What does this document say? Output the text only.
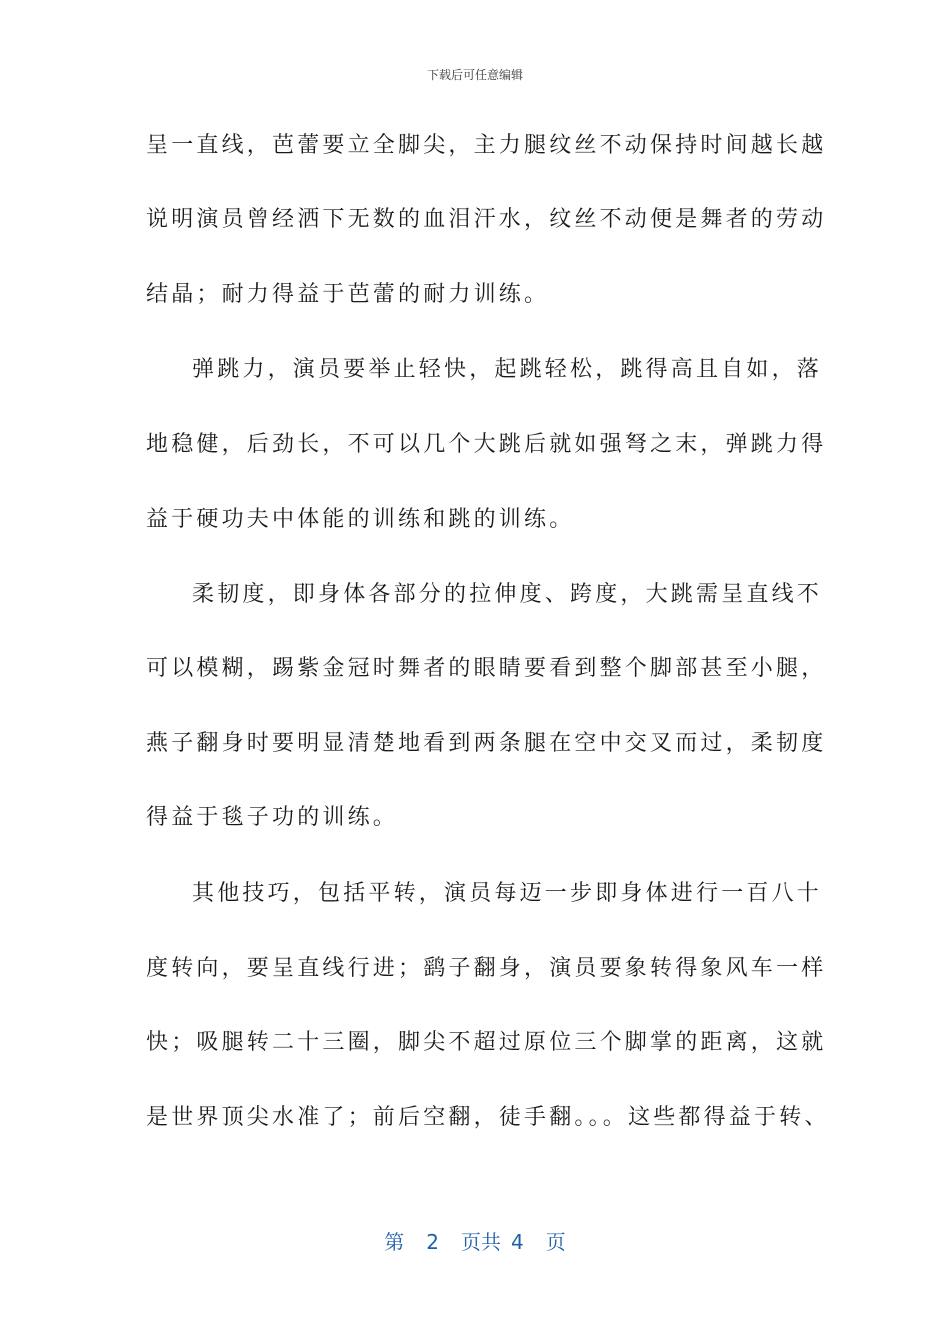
下载后可任意编辑
呈一直线，芭蕾要立全脚尖，主力腿纹丝不动保持时间越长越
说明演员曾经洒下无数的血泪汗水，纹丝不动便是舞者的劳动
结晶；耐力得益于芭蕾的耐力训练。
弹跳力，演员要举止轻快，起跳轻松，跳得高且自如，落
地稳健，后劲长，不可以几个大跳后就如强弩之末，弹跳力得
益于硬功夫中体能的训练和跳的训练。
柔韧度，即身体各部分的拉伸度、跨度，大跳需呈直线不
可以模糊，踢紫金冠时舞者的眼睛要看到整个脚部甚至小腿，
燕子翻身时要明显清楚地看到两条腿在空中交叉而过，柔韧度
得益于毯子功的训练。
其他技巧，包括平转，演员每迈一步即身体进行一百八十
度转向，要呈直线行进；鹞子翻身，演员要象转得象风车一样
快；吸腿转二十三圈，脚尖不超过原位三个脚掌的距离，这就
是世界顶尖水准了；前后空翻，徒手翻。。。这些都得益于转、
第 2 页共 4 页
